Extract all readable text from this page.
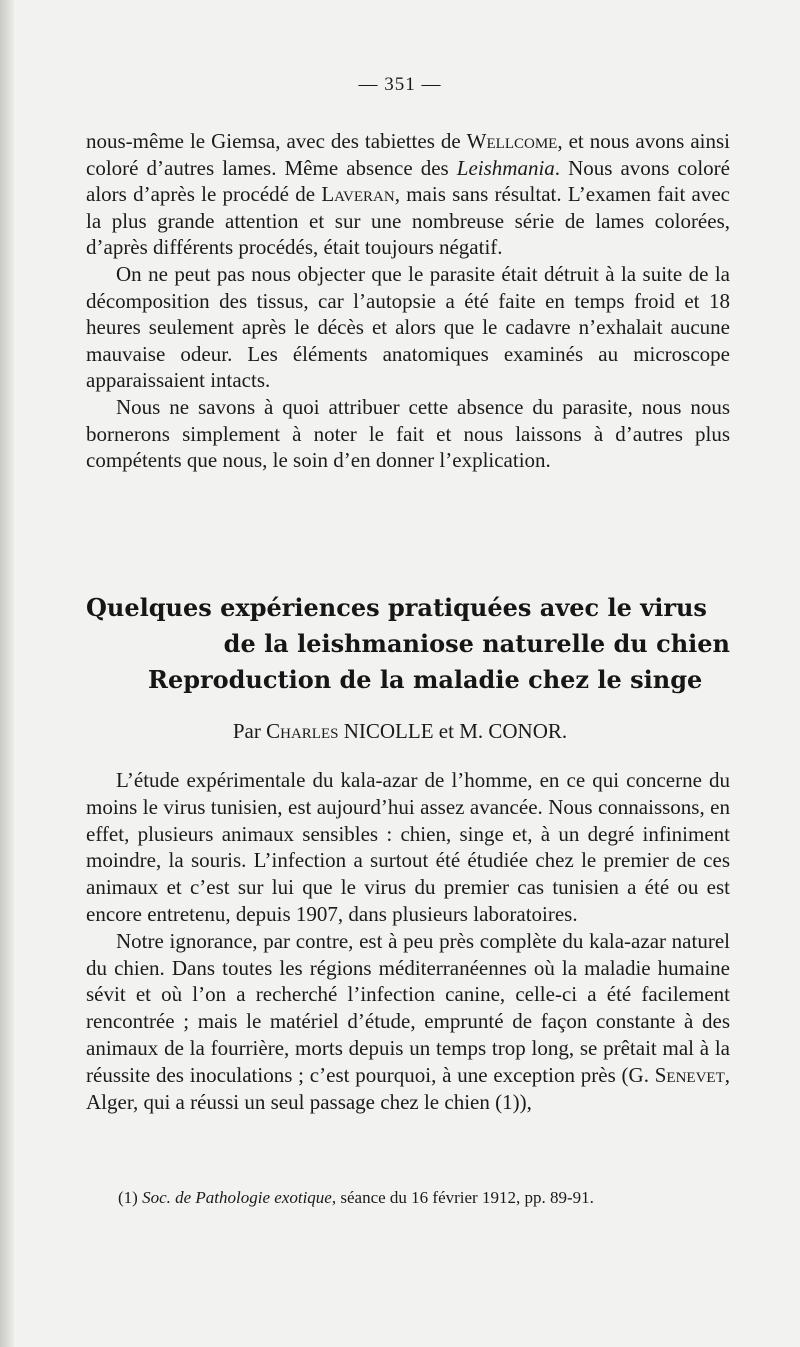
— 351 —

nous-même le Giemsa, avec des tabiettes de Wellcome, et nous avons ainsi coloré d’autres lames. Même absence des Leishmania. Nous avons coloré alors d’après le procédé de Laveran, mais sans résultat. L’examen fait avec la plus grande attention et sur une nombreuse série de lames colorées, d’après différents procédés, était toujours négatif.

On ne peut pas nous objecter que le parasite était détruit à la suite de la décomposition des tissus, car l’autopsie a été faite en temps froid et 18 heures seulement après le décès et alors que le cadavre n’exhalait aucune mauvaise odeur. Les éléments anatomiques examinés au microscope apparaissaient intacts.

Nous ne savons à quoi attribuer cette absence du parasite, nous nous bornerons simplement à noter le fait et nous laissons à d’autres plus compétents que nous, le soin d’en donner l’explication.

Quelques expériences pratiquées avec le virus
de la leishmaniose naturelle du chien
Reproduction de la maladie chez le singe
Par Charles NICOLLE et M. CONOR.

L’étude expérimentale du kala-azar de l’homme, en ce qui concerne du moins le virus tunisien, est aujourd’hui assez avancée. Nous connaissons, en effet, plusieurs animaux sensibles : chien, singe et, à un degré infiniment moindre, la souris. L’infection a surtout été étudiée chez le premier de ces animaux et c’est sur lui que le virus du premier cas tunisien a été ou est encore entretenu, depuis 1907, dans plusieurs laboratoires.

Notre ignorance, par contre, est à peu près complète du kala-azar naturel du chien. Dans toutes les régions méditerranéennes où la maladie humaine sévit et où l’on a recherché l’infection canine, celle-ci a été facilement rencontrée ; mais le matériel d’étude, emprunté de façon constante à des animaux de la fourrière, morts depuis un temps trop long, se prêtait mal à la réussite des inoculations ; c’est pourquoi, à une exception près (G. Senevet, Alger, qui a réussi un seul passage chez le chien (1)),

(1) Soc. de Pathologie exotique, séance du 16 février 1912, pp. 89-91.
